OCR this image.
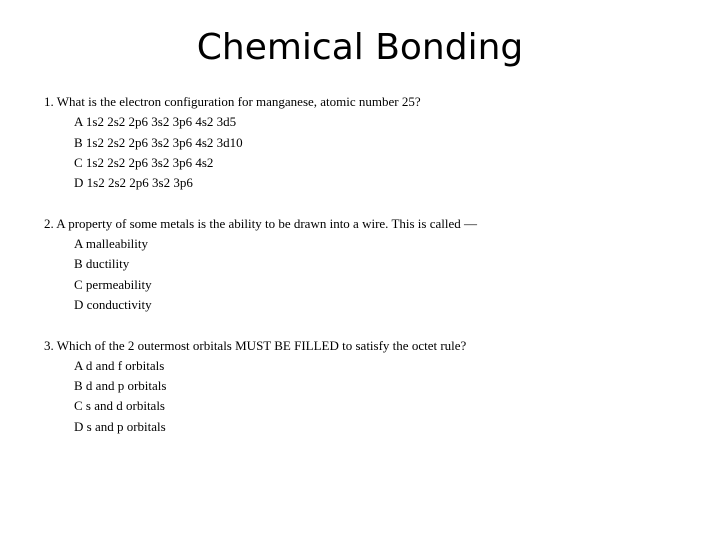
Chemical Bonding
1. What is the electron configuration for manganese, atomic number 25?
A 1s2 2s2 2p6 3s2 3p6 4s2 3d5
B 1s2 2s2 2p6 3s2 3p6 4s2 3d10
C 1s2 2s2 2p6 3s2 3p6 4s2
D 1s2 2s2 2p6 3s2 3p6
2. A property of some metals is the ability to be drawn into a wire. This is called —
A malleability
B ductility
C permeability
D conductivity
3. Which of the 2 outermost orbitals MUST BE FILLED to satisfy the octet rule?
A d and f orbitals
B d and p orbitals
C s and d orbitals
D s and p orbitals
